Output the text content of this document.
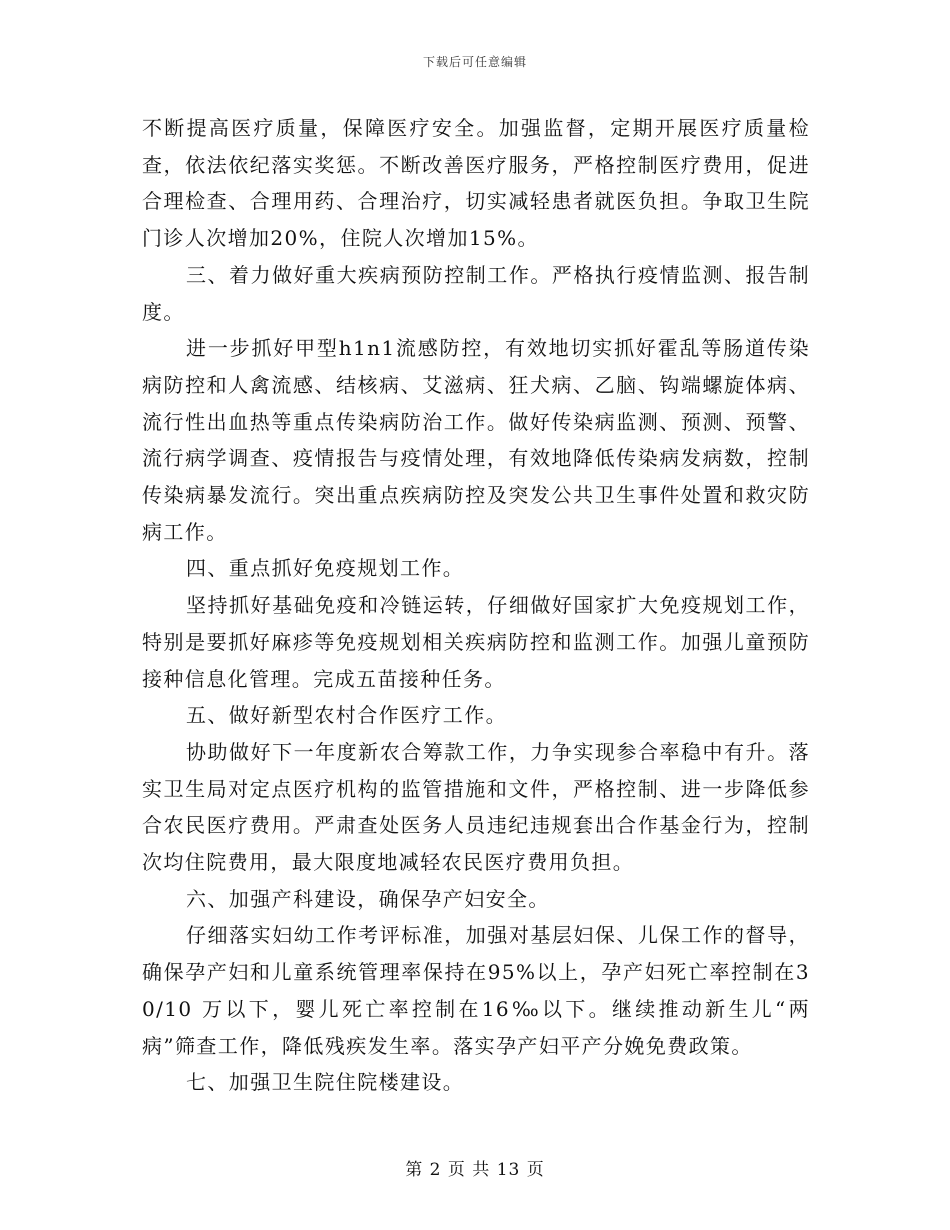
下载后可任意编辑

不断提高医疗质量，保障医疗安全。加强监督，定期开展医疗质量检查，依法依纪落实奖惩。不断改善医疗服务，严格控制医疗费用，促进合理检查、合理用药、合理治疗，切实减轻患者就医负担。争取卫生院门诊人次增加20%，住院人次增加15%。

三、着力做好重大疾病预防控制工作。严格执行疫情监测、报告制度。

进一步抓好甲型h1n1流感防控，有效地切实抓好霍乱等肠道传染病防控和人禽流感、结核病、艾滋病、狂犬病、乙脑、钩端螺旋体病、流行性出血热等重点传染病防治工作。做好传染病监测、预测、预警、流行病学调查、疫情报告与疫情处理，有效地降低传染病发病数，控制传染病暴发流行。突出重点疾病防控及突发公共卫生事件处置和救灾防病工作。

四、重点抓好免疫规划工作。

坚持抓好基础免疫和冷链运转，仔细做好国家扩大免疫规划工作，特别是要抓好麻疹等免疫规划相关疾病防控和监测工作。加强儿童预防接种信息化管理。完成五苗接种任务。

五、做好新型农村合作医疗工作。

协助做好下一年度新农合筹款工作，力争实现参合率稳中有升。落实卫生局对定点医疗机构的监管措施和文件，严格控制、进一步降低参合农民医疗费用。严肃查处医务人员违纪违规套出合作基金行为，控制次均住院费用，最大限度地减轻农民医疗费用负担。

六、加强产科建设，确保孕产妇安全。

仔细落实妇幼工作考评标准，加强对基层妇保、儿保工作的督导，确保孕产妇和儿童系统管理率保持在95%以上，孕产妇死亡率控制在30/10 万以下，婴儿死亡率控制在16‰以下。继续推动新生儿“两病”筛查工作，降低残疾发生率。落实孕产妇平产分娩免费政策。

七、加强卫生院住院楼建设。

第 2 页 共 13 页
